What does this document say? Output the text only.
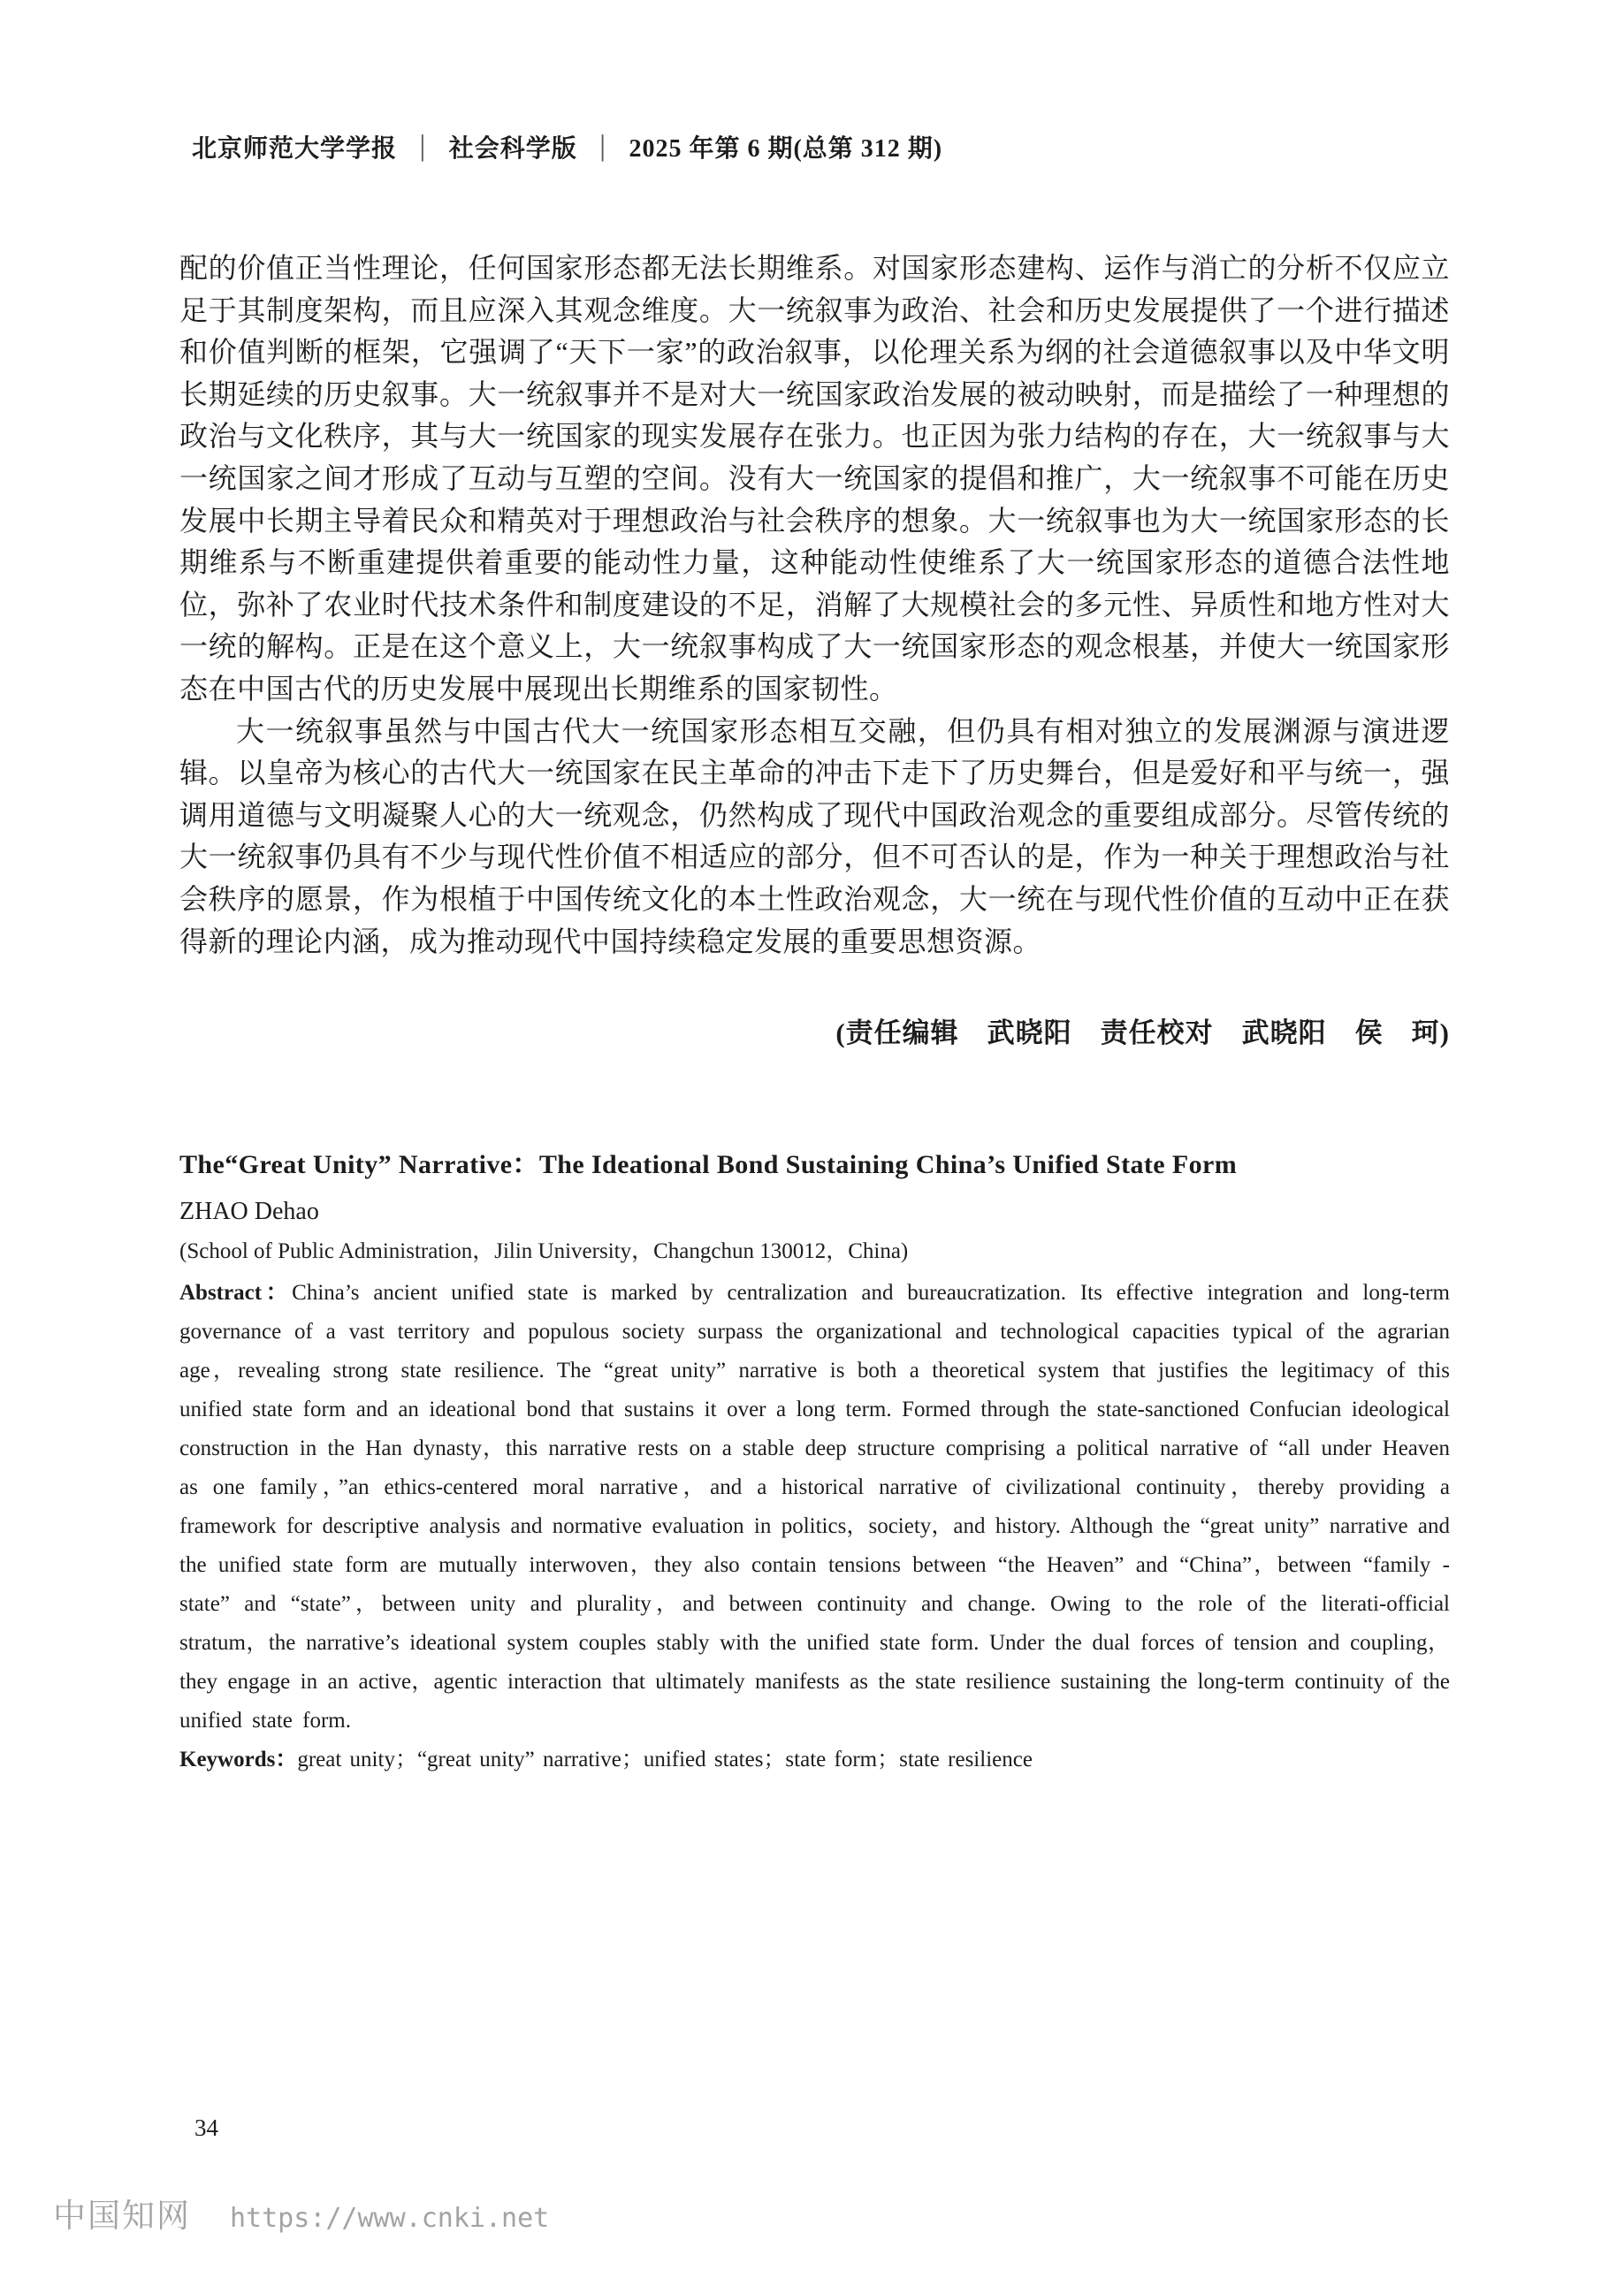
北京师范大学学报 │ 社会科学版 │ 2025 年第 6 期(总第 312 期)

配的价值正当性理论，任何国家形态都无法长期维系。对国家形态建构、运作与消亡的分析不仅应立足于其制度架构，而且应深入其观念维度。大一统叙事为政治、社会和历史发展提供了一个进行描述和价值判断的框架，它强调了“天下一家”的政治叙事，以伦理关系为纲的社会道德叙事以及中华文明长期延续的历史叙事。大一统叙事并不是对大一统国家政治发展的被动映射，而是描绘了一种理想的政治与文化秩序，其与大一统国家的现实发展存在张力。也正因为张力结构的存在，大一统叙事与大一统国家之间才形成了互动与互塑的空间。没有大一统国家的提倡和推广，大一统叙事不可能在历史发展中长期主导着民众和精英对于理想政治与社会秩序的想象。大一统叙事也为大一统国家形态的长期维系与不断重建提供着重要的能动性力量，这种能动性使维系了大一统国家形态的道德合法性地位，弥补了农业时代技术条件和制度建设的不足，消解了大规模社会的多元性、异质性和地方性对大一统的解构。正是在这个意义上，大一统叙事构成了大一统国家形态的观念根基，并使大一统国家形态在中国古代的历史发展中展现出长期维系的国家韧性。

大一统叙事虽然与中国古代大一统国家形态相互交融，但仍具有相对独立的发展渊源与演进逻辑。以皇帝为核心的古代大一统国家在民主革命的冲击下走下了历史舞台，但是爱好和平与统一，强调用道德与文明凝聚人心的大一统观念，仍然构成了现代中国政治观念的重要组成部分。尽管传统的大一统叙事仍具有不少与现代性价值不相适应的部分，但不可否认的是，作为一种关于理想政治与社会秩序的愿景，作为根植于中国传统文化的本土性政治观念，大一统在与现代性价值的互动中正在获得新的理论内涵，成为推动现代中国持续稳定发展的重要思想资源。

(责任编辑　武晓阳　责任校对　武晓阳　侯　珂)

The“Great Unity” Narrative：The Ideational Bond Sustaining China’s Unified State Form

ZHAO Dehao

(School of Public Administration，Jilin University，Changchun 130012，China)

Abstract：China’s ancient unified state is marked by centralization and bureaucratization. Its effective integration and long-term governance of a vast territory and populous society surpass the organizational and technological capacities typical of the agrarian age，revealing strong state resilience. The “great unity” narrative is both a theoretical system that justifies the legitimacy of this unified state form and an ideational bond that sustains it over a long term. Formed through the state-sanctioned Confucian ideological construction in the Han dynasty，this narrative rests on a stable deep structure comprising a political narrative of “all under Heaven as one family，”an ethics-centered moral narrative，and a historical narrative of civilizational continuity，thereby providing a framework for descriptive analysis and normative evaluation in politics，society，and history. Although the “great unity” narrative and the unified state form are mutually interwoven，they also contain tensions between “the Heaven” and “China”，between “family - state” and “state”，between unity and plurality，and between continuity and change. Owing to the role of the literati-official stratum，the narrative’s ideational system couples stably with the unified state form. Under the dual forces of tension and coupling，they engage in an active，agentic interaction that ultimately manifests as the state resilience sustaining the long-term continuity of the unified state form.

Keywords：great unity；“great unity” narrative；unified states；state form；state resilience

34
中国知网 https://www.cnki.net
